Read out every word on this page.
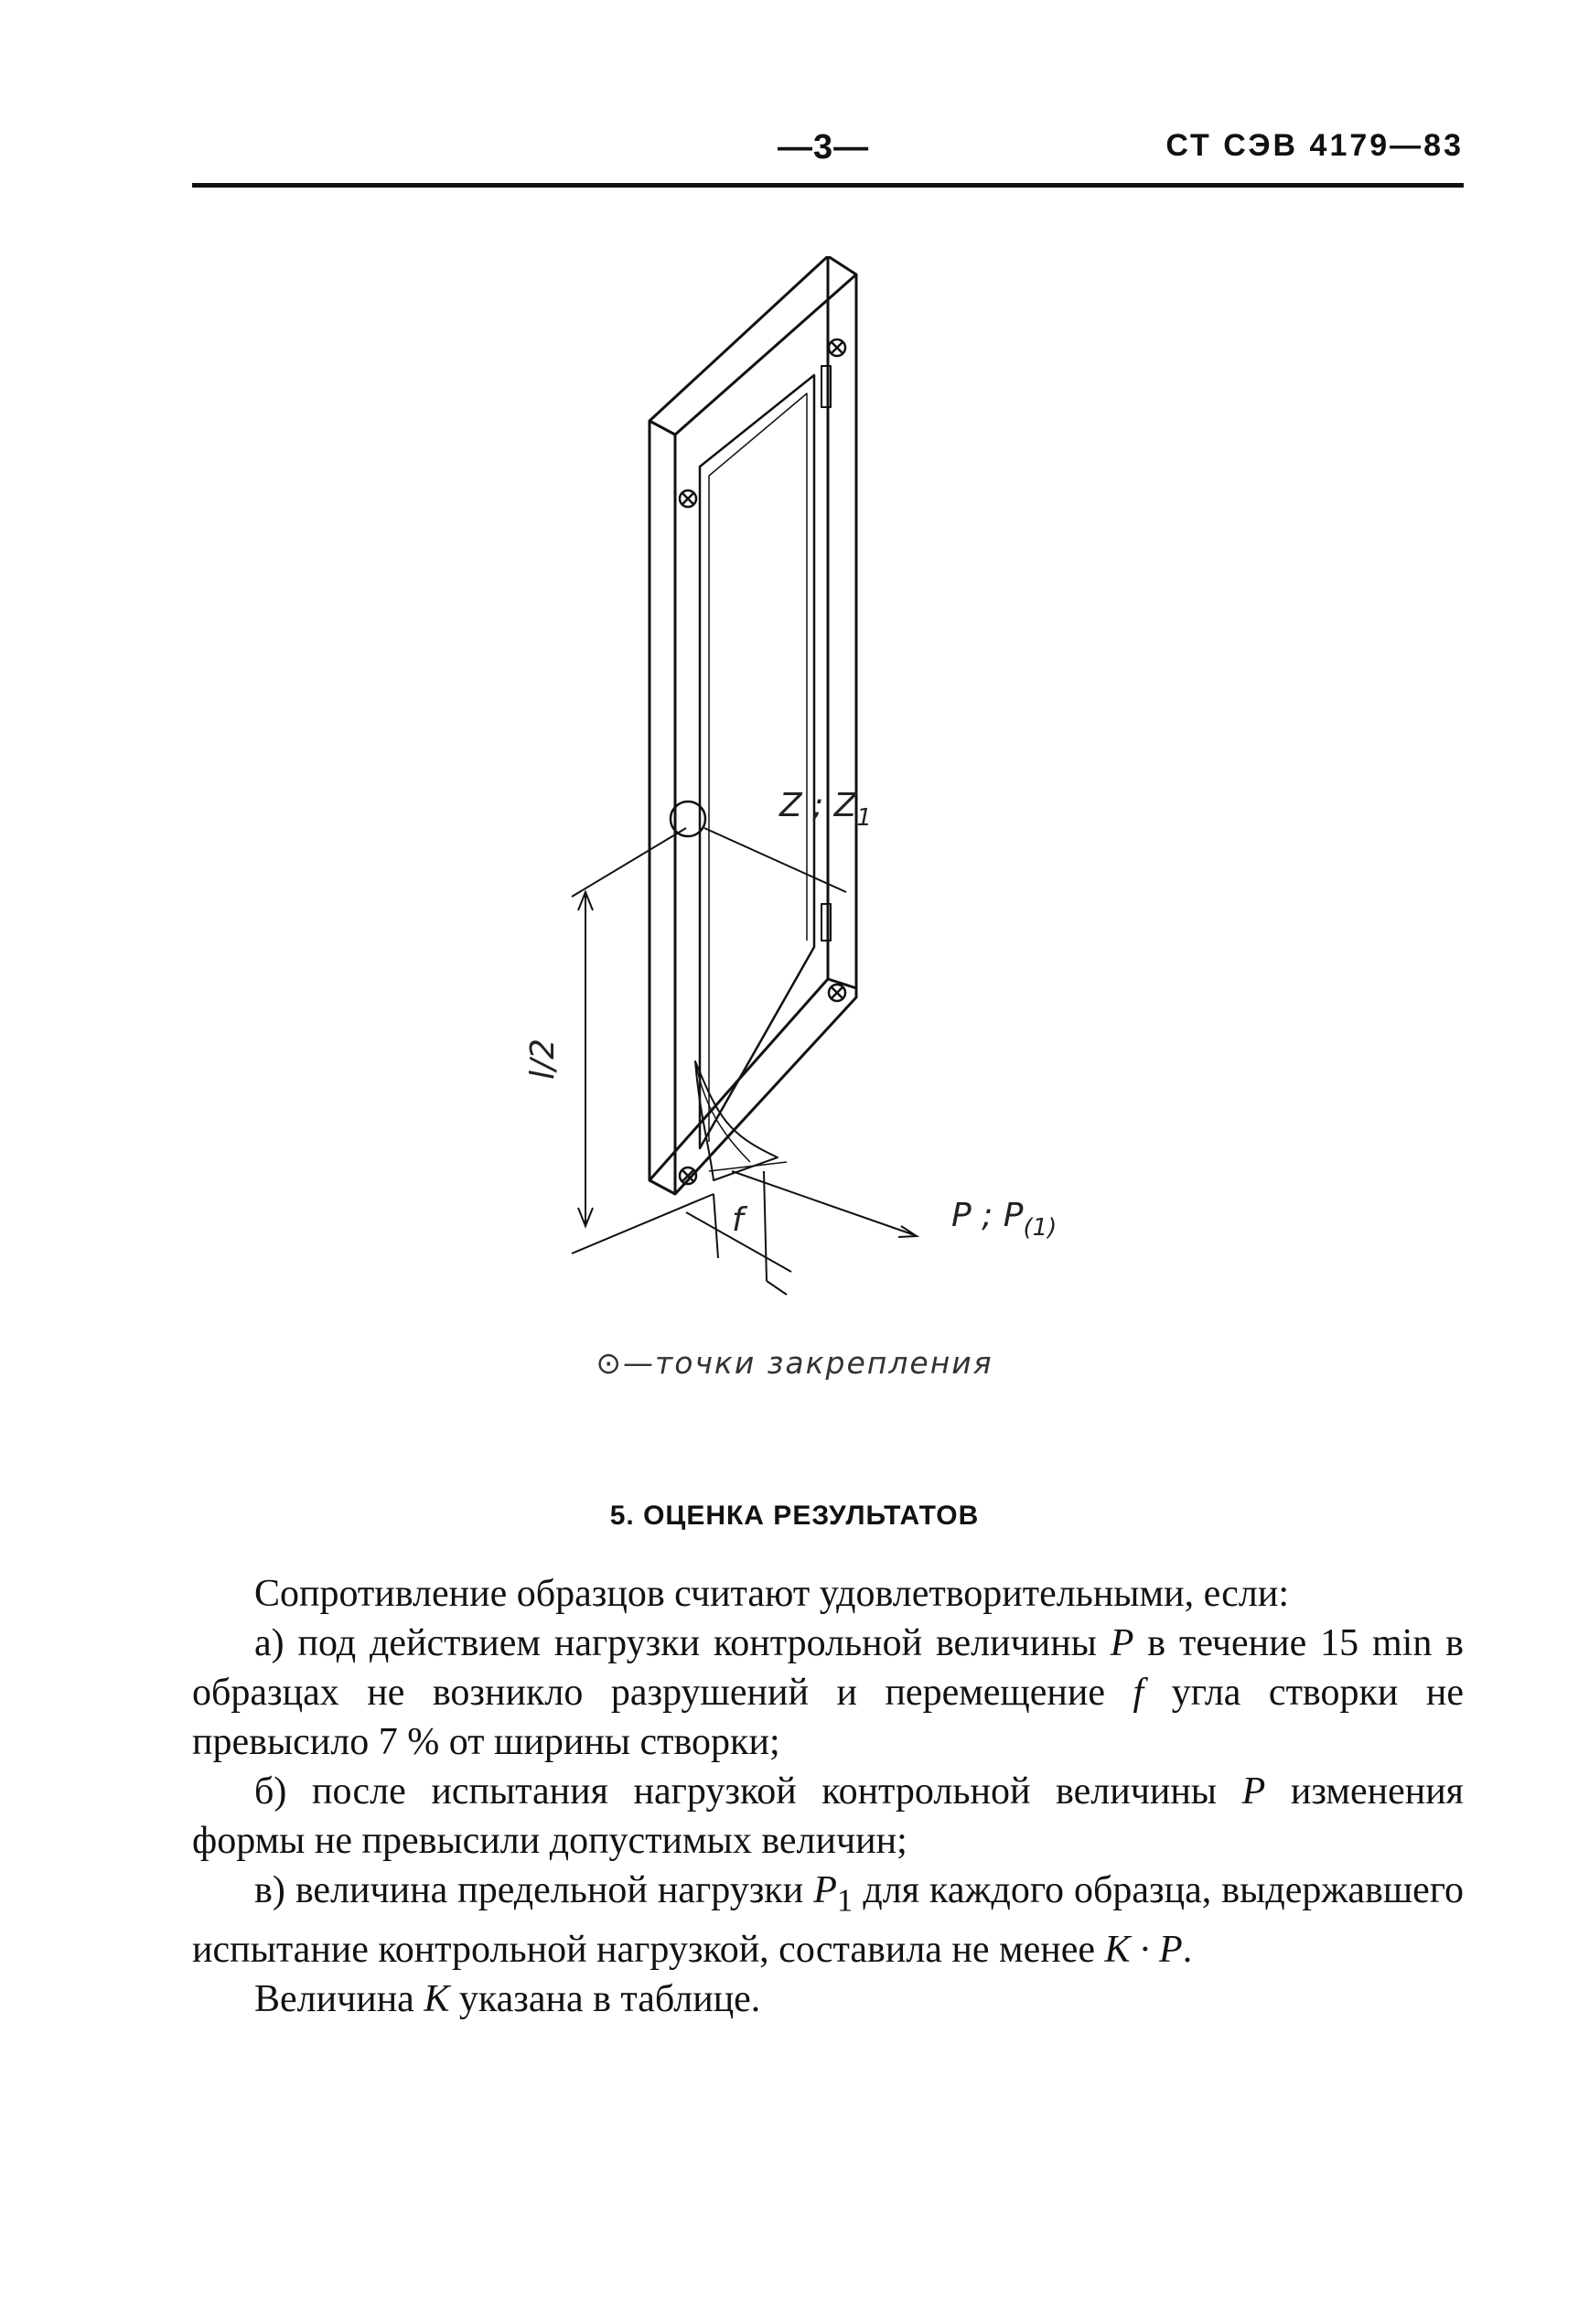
—3—	СТ СЭВ 4179—83
Z ; $Z_1$
P ; $P_{(1)}$
f
l/2
⊙—точки закрепления
5. ОЦЕНКА РЕЗУЛЬТАТОВ

Сопротивление образцов считают удовлетворительными, если:

а) под действием нагрузки контрольной величины P в течение 15 min в образцах не возникло разрушений и перемещение f угла створки не превысило 7 % от ширины створки;

б) после испытания нагрузкой контрольной величины P изменения формы не превысили допустимых величин;

в) величина предельной нагрузки $P_1$ для каждого образца, выдержавшего испытание контрольной нагрузкой, составила не менее K · P.

Величина K указана в таблице.
